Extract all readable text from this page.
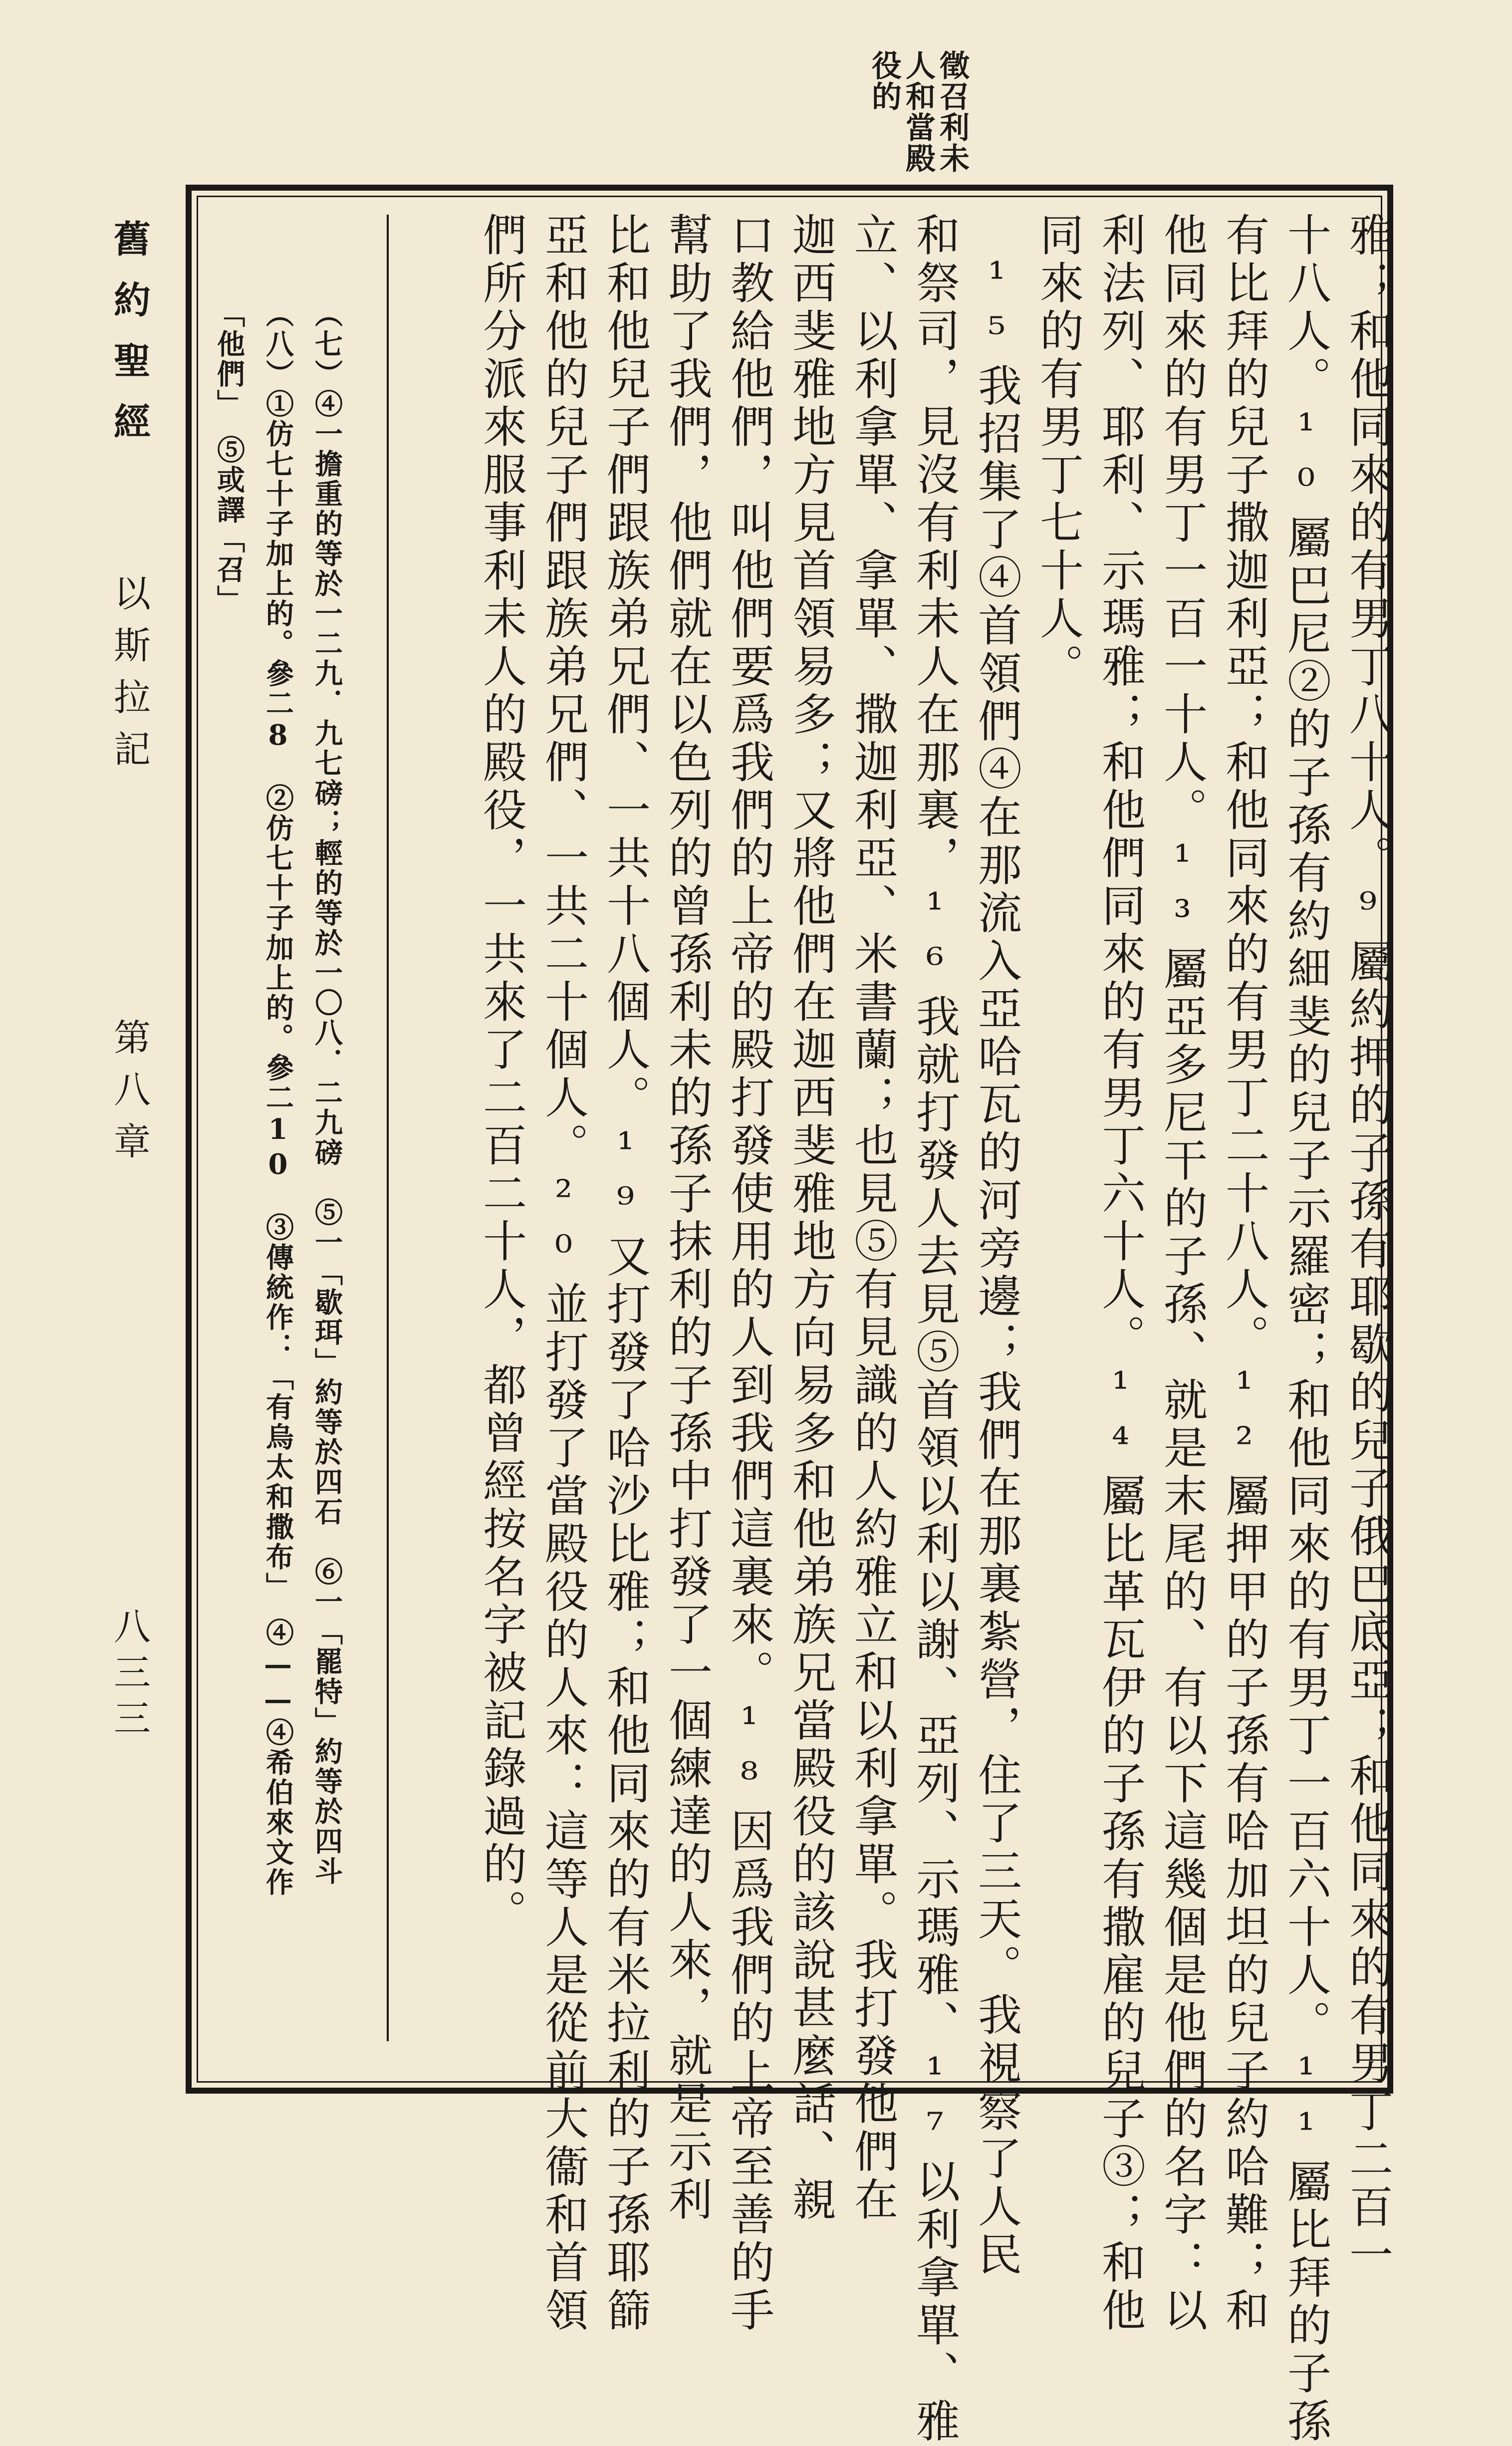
徵召利未
人和當殿
役的
舊約聖經
以斯拉記
第八章
八三三	雅；和他同來的有男丁八十人。⁹屬約押的子孫有耶歇的兒子俄巴底亞；和他同來的有男丁二百一
十八人。¹⁰屬巴尼②的子孫有約細斐的兒子示羅密；和他同來的有男丁一百六十人。¹¹屬比拜的子孫
有比拜的兒子撒迦利亞；和他同來的有男丁二十八人。¹²屬押甲的子孫有哈加坦的兒子約哈難；和
他同來的有男丁一百一十人。¹³屬亞多尼干的子孫、就是末尾的、有以下這幾個是他們的名字：以
利法列、耶利、示瑪雅；和他們同來的有男丁六十人。¹⁴屬比革瓦伊的子孫有撒雇的兒子③；和他
同來的有男丁七十人。
¹⁵我招集了④首領們④在那流入亞哈瓦的河旁邊；我們在那裏紮營，住了三天。我視察了人民
和祭司，見沒有利未人在那裏，¹⁶我就打發人去見⑤首領以利以謝、亞列、示瑪雅、¹⁷以利拿單、雅
立、以利拿單、拿單、撒迦利亞、米書蘭；也見⑤有見識的人約雅立和以利拿單。我打發他們在
迦西斐雅地方見首領易多；又將他們在迦西斐雅地方向易多和他弟族兄當殿役的該說甚麼話、親
口教給他們，叫他們要爲我們的上帝的殿打發使用的人到我們這裏來。¹⁸因爲我們的上帝至善的手
幫助了我們，他們就在以色列的曾孫利未的孫子抹利的子孫中打發了一個練達的人來，就是示利
比和他兒子們跟族弟兄們、一共十八個人。¹⁹又打發了哈沙比雅；和他同來的有米拉利的子孫耶篩
亞和他的兒子們跟族弟兄們、一共二十個人。²⁰並打發了當殿役的人來：這等人是從前大衞和首領
們所分派來服事利未人的殿役，一共來了二百二十人，都曾經按名字被記錄過的。
（七）④一擔重的等於一二九．九七磅；輕的等於一〇八．二九磅　⑤一「歇珥」約等於四石　⑥一「罷特」約等於四斗
（八）①仿七十子加上的。參二8　②仿七十子加上的。參二10　③傳統作：「有烏太和撒布」　④——④希伯來文作
「他們」　⑤或譯「召」
